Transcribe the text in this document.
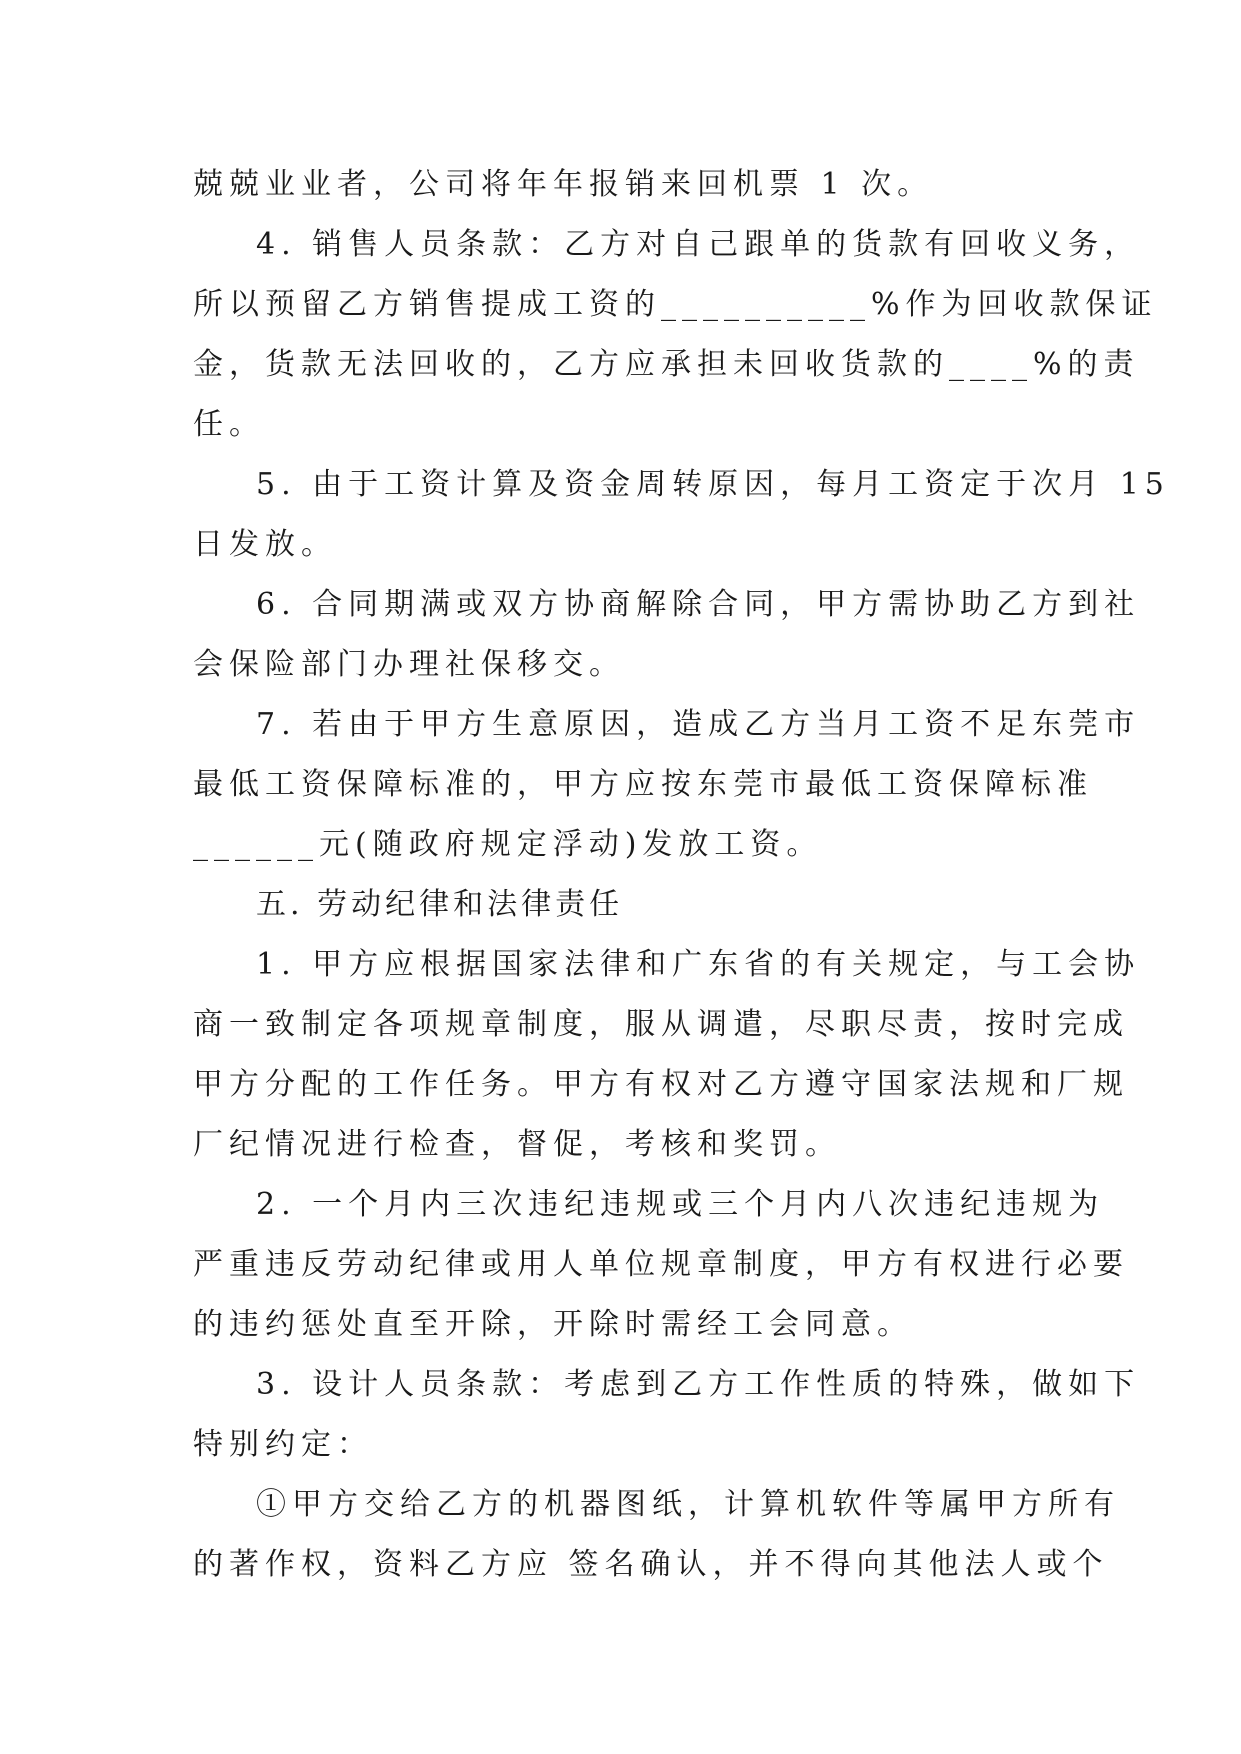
兢兢业业者，公司将年年报销来回机票 1 次。
4. 销售人员条款：乙方对自己跟单的货款有回收义务，
所以预留乙方销售提成工资的__________%作为回收款保证
金，货款无法回收的，乙方应承担未回收货款的____%的责
任。
5. 由于工资计算及资金周转原因，每月工资定于次月 15
日发放。
6. 合同期满或双方协商解除合同，甲方需协助乙方到社
会保险部门办理社保移交。
7. 若由于甲方生意原因，造成乙方当月工资不足东莞市
最低工资保障标准的，甲方应按东莞市最低工资保障标准
______元(随政府规定浮动)发放工资。
五. 劳动纪律和法律责任
1. 甲方应根据国家法律和广东省的有关规定，与工会协
商一致制定各项规章制度，服从调遣，尽职尽责，按时完成
甲方分配的工作任务。甲方有权对乙方遵守国家法规和厂规
厂纪情况进行检查，督促，考核和奖罚。
2. 一个月内三次违纪违规或三个月内八次违纪违规为
严重违反劳动纪律或用人单位规章制度，甲方有权进行必要
的违约惩处直至开除，开除时需经工会同意。
3. 设计人员条款：考虑到乙方工作性质的特殊，做如下
特别约定：
①甲方交给乙方的机器图纸，计算机软件等属甲方所有
的著作权，资料乙方应 签名确认，并不得向其他法人或个
